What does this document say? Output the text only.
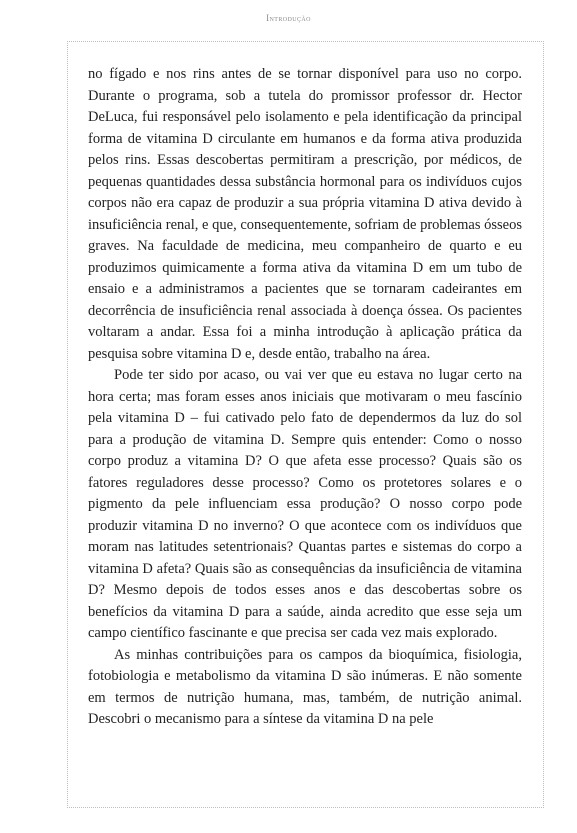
Introdução

no fígado e nos rins antes de se tornar disponível para uso no corpo. Durante o programa, sob a tutela do promissor professor dr. Hector DeLuca, fui responsável pelo isolamento e pela identificação da principal forma de vitamina D circulante em humanos e da forma ativa produzida pelos rins. Essas descobertas permitiram a prescrição, por médicos, de pequenas quantidades dessa substância hormonal para os indivíduos cujos corpos não era capaz de produzir a sua própria vitamina D ativa devido à insuficiência renal, e que, consequentemente, sofriam de problemas ósseos graves. Na faculdade de medicina, meu companheiro de quarto e eu produzimos quimicamente a forma ativa da vitamina D em um tubo de ensaio e a administramos a pacientes que se tornaram cadeirantes em decorrência de insuficiência renal associada à doença óssea. Os pacientes voltaram a andar. Essa foi a minha introdução à aplicação prática da pesquisa sobre vitamina D e, desde então, trabalho na área.

Pode ter sido por acaso, ou vai ver que eu estava no lugar certo na hora certa; mas foram esses anos iniciais que motivaram o meu fascínio pela vitamina D – fui cativado pelo fato de dependermos da luz do sol para a produção de vitamina D. Sempre quis entender: Como o nosso corpo produz a vitamina D? O que afeta esse processo? Quais são os fatores reguladores desse processo? Como os protetores solares e o pigmento da pele influenciam essa produção? O nosso corpo pode produzir vitamina D no inverno? O que acontece com os indivíduos que moram nas latitudes setentrionais? Quantas partes e sistemas do corpo a vitamina D afeta? Quais são as consequências da insuficiência de vitamina D? Mesmo depois de todos esses anos e das descobertas sobre os benefícios da vitamina D para a saúde, ainda acredito que esse seja um campo científico fascinante e que precisa ser cada vez mais explorado.

As minhas contribuições para os campos da bioquímica, fisiologia, fotobiologia e metabolismo da vitamina D são inúmeras. E não somente em termos de nutrição humana, mas, também, de nutrição animal. Descobri o mecanismo para a síntese da vitamina D na pele
